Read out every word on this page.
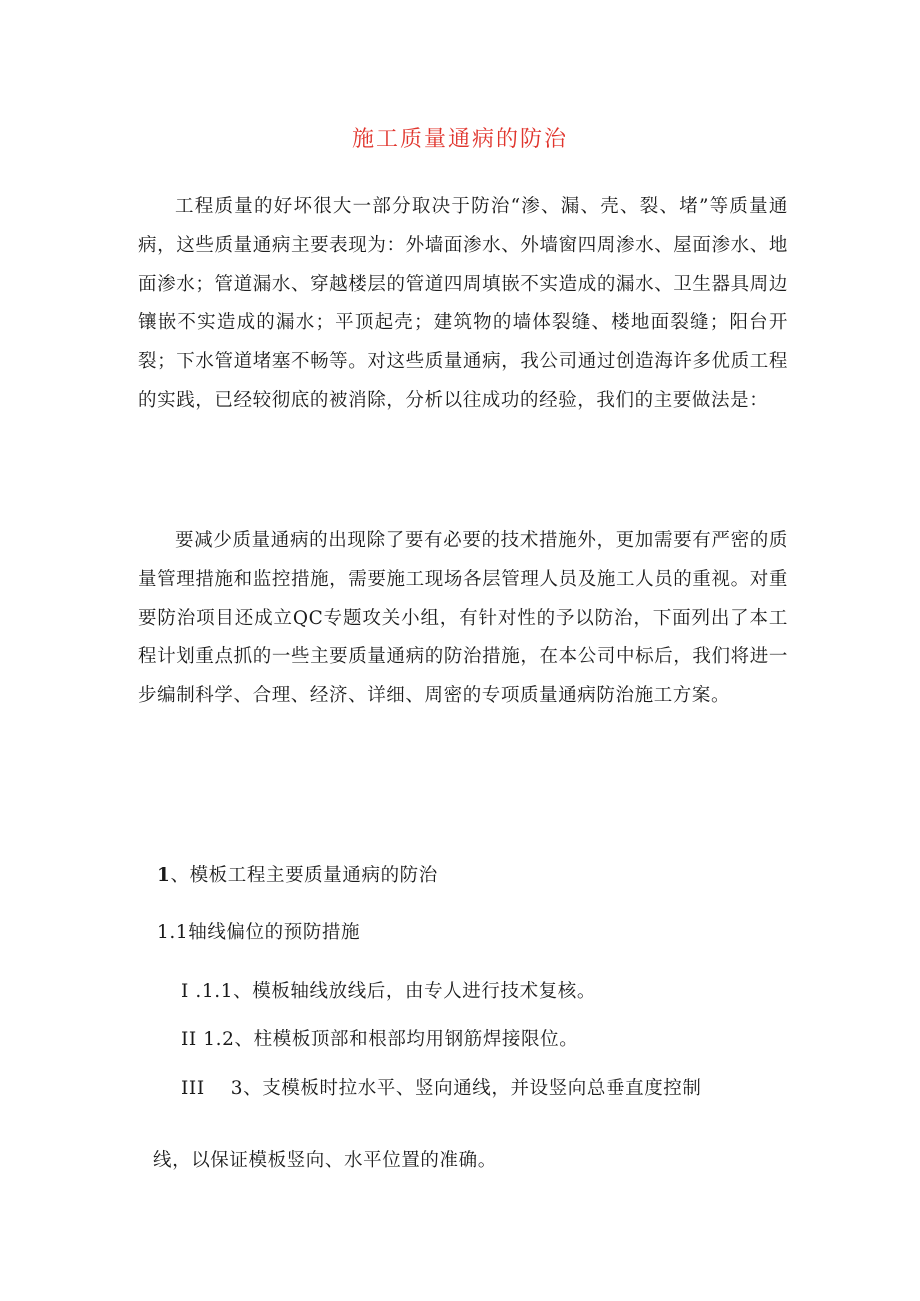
施工质量通病的防治

工程质量的好坏很大一部分取决于防治“渗、漏、壳、裂、堵”等质量通病，这些质量通病主要表现为：外墙面渗水、外墙窗四周渗水、屋面渗水、地面渗水；管道漏水、穿越楼层的管道四周填嵌不实造成的漏水、卫生器具周边镶嵌不实造成的漏水；平顶起壳；建筑物的墙体裂缝、楼地面裂缝；阳台开裂；下水管道堵塞不畅等。对这些质量通病，我公司通过创造海许多优质工程的实践，已经较彻底的被消除，分析以往成功的经验，我们的主要做法是：

要减少质量通病的出现除了要有必要的技术措施外，更加需要有严密的质量管理措施和监控措施，需要施工现场各层管理人员及施工人员的重视。对重要防治项目还成立QC专题攻关小组，有针对性的予以防治，下面列出了本工程计划重点抓的一些主要质量通病的防治措施，在本公司中标后，我们将进一步编制科学、合理、经济、详细、周密的专项质量通病防治施工方案。

1、模板工程主要质量通病的防治
1.1轴线偏位的预防措施
I .1.1、模板轴线放线后，由专人进行技术复核。
II 1.2、柱模板顶部和根部均用钢筋焊接限位。
III 3、支模板时拉水平、竖向通线，并设竖向总垂直度控制
线，以保证模板竖向、水平位置的准确。
